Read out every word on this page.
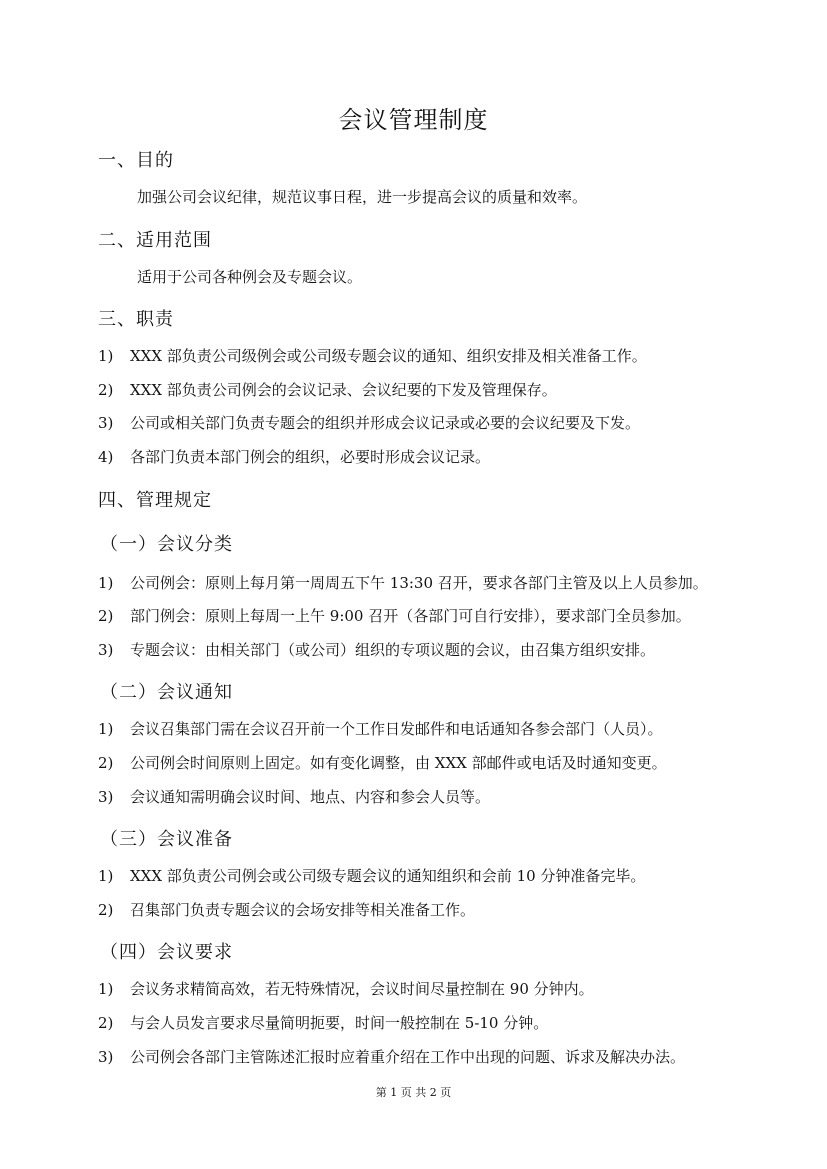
会议管理制度
一、目的
加强公司会议纪律，规范议事日程，进一步提高会议的质量和效率。
二、适用范围
适用于公司各种例会及专题会议。
三、职责
1) XXX 部负责公司级例会或公司级专题会议的通知、组织安排及相关准备工作。
2) XXX 部负责公司例会的会议记录、会议纪要的下发及管理保存。
3) 公司或相关部门负责专题会的组织并形成会议记录或必要的会议纪要及下发。
4) 各部门负责本部门例会的组织，必要时形成会议记录。
四、管理规定
（一）会议分类
1) 公司例会：原则上每月第一周周五下午 13:30 召开，要求各部门主管及以上人员参加。
2) 部门例会：原则上每周一上午 9:00 召开（各部门可自行安排），要求部门全员参加。
3) 专题会议：由相关部门（或公司）组织的专项议题的会议，由召集方组织安排。
（二）会议通知
1) 会议召集部门需在会议召开前一个工作日发邮件和电话通知各参会部门（人员）。
2) 公司例会时间原则上固定。如有变化调整，由 XXX 部邮件或电话及时通知变更。
3) 会议通知需明确会议时间、地点、内容和参会人员等。
（三）会议准备
1) XXX 部负责公司例会或公司级专题会议的通知组织和会前 10 分钟准备完毕。
2) 召集部门负责专题会议的会场安排等相关准备工作。
（四）会议要求
1) 会议务求精简高效，若无特殊情况，会议时间尽量控制在 90 分钟内。
2) 与会人员发言要求尽量简明扼要，时间一般控制在 5-10 分钟。
3) 公司例会各部门主管陈述汇报时应着重介绍在工作中出现的问题、诉求及解决办法。
第 1 页 共 2 页
